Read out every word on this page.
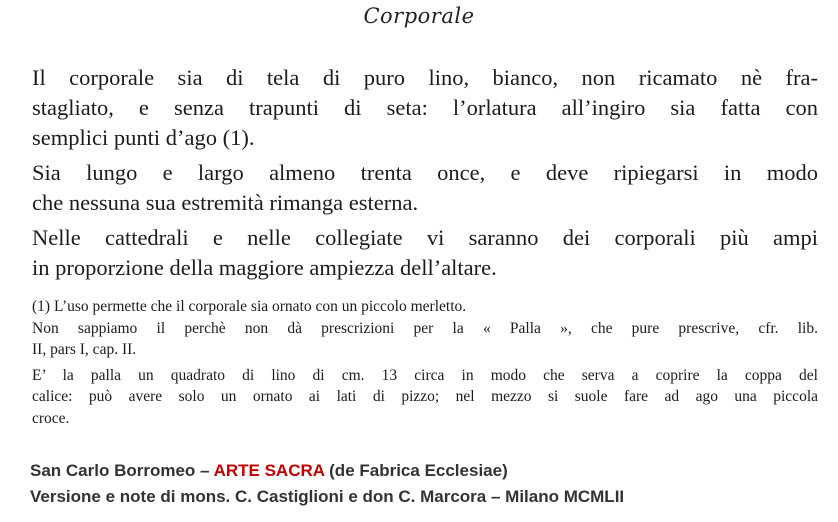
Corporale
Il corporale sia di tela di puro lino, bianco, non ricamato nè fra-
stagliato, e senza trapunti di seta: l’orlatura all’ingiro sia fatta con
semplici punti d’ago (1).
Sia lungo e largo almeno trenta once, e deve ripiegarsi in modo
che nessuna sua estremità rimanga esterna.
Nelle cattedrali e nelle collegiate vi saranno dei corporali più ampi
in proporzione della maggiore ampiezza dell’altare.
(1) L’uso permette che il corporale sia ornato con un piccolo merletto.
Non sappiamo il perchè non dà prescrizioni per la « Palla », che pure prescrive, cfr. lib.
II, pars I, cap. II.
E’ la palla un quadrato di lino di cm. 13 circa in modo che serva a coprire la coppa del
calice: può avere solo un ornato ai lati di pizzo; nel mezzo si suole fare ad ago una piccola
croce.
San Carlo Borromeo – ARTE SACRA (de Fabrica Ecclesiae)
Versione e note di mons. C. Castiglioni e don C. Marcora – Milano MCMLII
